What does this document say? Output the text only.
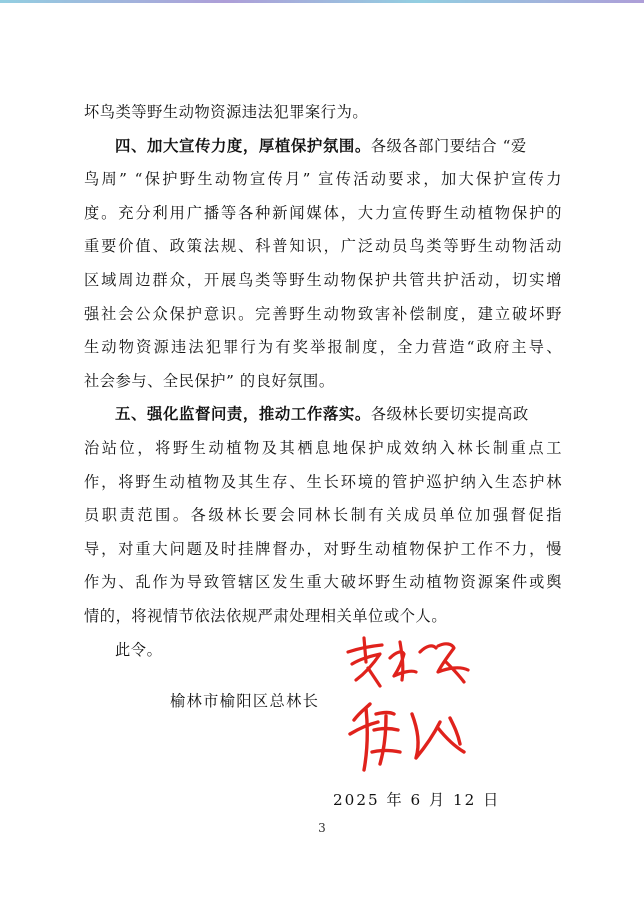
坏鸟类等野生动物资源违法犯罪案行为。
四、加大宣传力度，厚植保护氛围。各级各部门要结合 “爱
鸟周” “保护野生动物宣传月” 宣传活动要求，加大保护宣传力
度。充分利用广播等各种新闻媒体，大力宣传野生动植物保护的
重要价值、政策法规、科普知识，广泛动员鸟类等野生动物活动
区域周边群众，开展鸟类等野生动物保护共管共护活动，切实增
强社会公众保护意识。完善野生动物致害补偿制度，建立破坏野
生动物资源违法犯罪行为有奖举报制度，全力营造“政府主导、
社会参与、全民保护” 的良好氛围。
五、强化监督问责，推动工作落实。各级林长要切实提高政
治站位，将野生动植物及其栖息地保护成效纳入林长制重点工
作，将野生动植物及其生存、生长环境的管护巡护纳入生态护林
员职责范围。各级林长要会同林长制有关成员单位加强督促指
导，对重大问题及时挂牌督办，对野生动植物保护工作不力，慢
作为、乱作为导致管辖区发生重大破坏野生动植物资源案件或舆
情的，将视情节依法依规严肃处理相关单位或个人。
此令。
榆林市榆阳区总林长
2025 年 6 月 12 日
3
